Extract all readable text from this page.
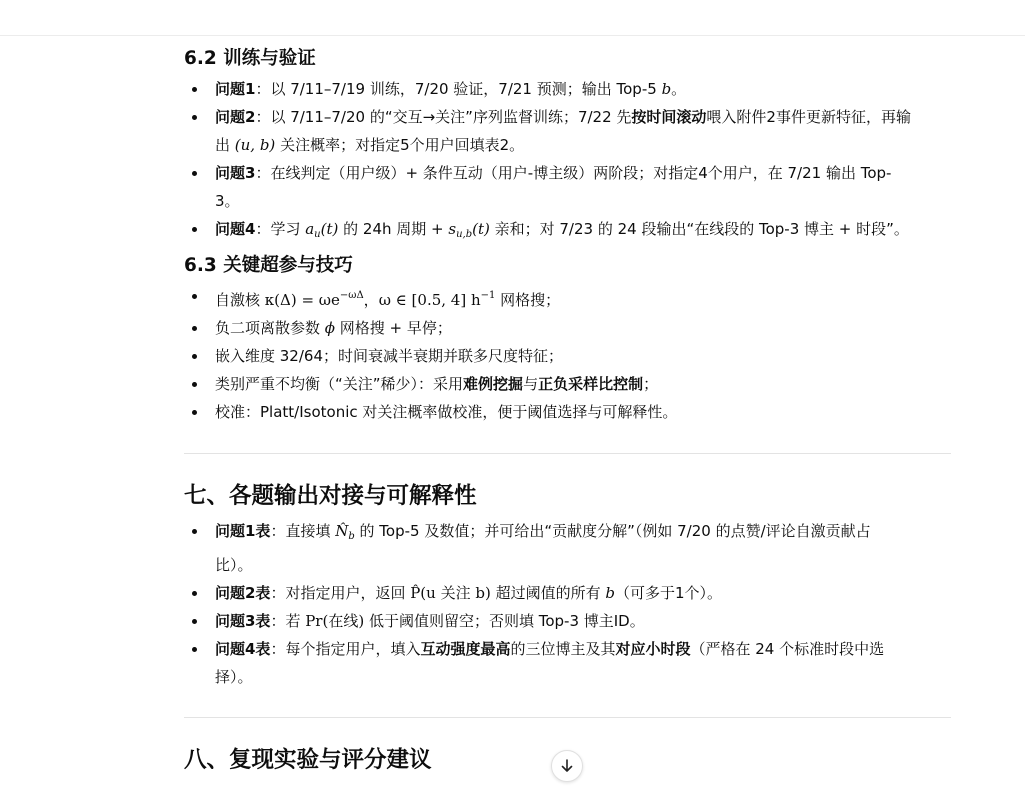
6.2 训练与验证
问题1：以 7/11–7/19 训练，7/20 验证，7/21 预测；输出 Top-5 b。
问题2：以 7/11–7/20 的“交互→关注”序列监督训练；7/22 先按时间滚动喂入附件2事件更新特征，再输
出 (u, b) 关注概率；对指定5个用户回填表2。
问题3：在线判定（用户级）+ 条件互动（用户-博主级）两阶段；对指定4个用户，在 7/21 输出 Top-
3。
问题4：学习 $a_u(t)$ 的 24h 周期 + $s_{u,b}(t)$ 亲和；对 7/23 的 24 段输出“在线段的 Top-3 博主 + 时段”。
6.3 关键超参与技巧
自激核 $\kappa(\Delta) = \omega e^{-\omega\Delta}$，ω ∈ [0.5, 4] $h^{-1}$ 网格搜；
负二项离散参数 ϕ 网格搜 + 早停；
嵌入维度 32/64；时间衰减半衰期并联多尺度特征；
类别严重不均衡（“关注”稀少）：采用难例挖掘与正负采样比控制；
校准：Platt/Isotonic 对关注概率做校准，便于阈值选择与可解释性。
七、各题输出对接与可解释性
问题1表：直接填 $N̂_b$ 的 Top-5 及数值；并可给出“贡献度分解”（例如 7/20 的点赞/评论自激贡献占
比）。
问题2表：对指定用户，返回 P̂(u 关注 b) 超过阈值的所有 b（可多于1个）。
问题3表：若 Pr(在线) 低于阈值则留空；否则填 Top-3 博主ID。
问题4表：每个指定用户，填入互动强度最高的三位博主及其对应小时段（严格在 24 个标准时段中选
择）。
八、复现实验与评分建议
